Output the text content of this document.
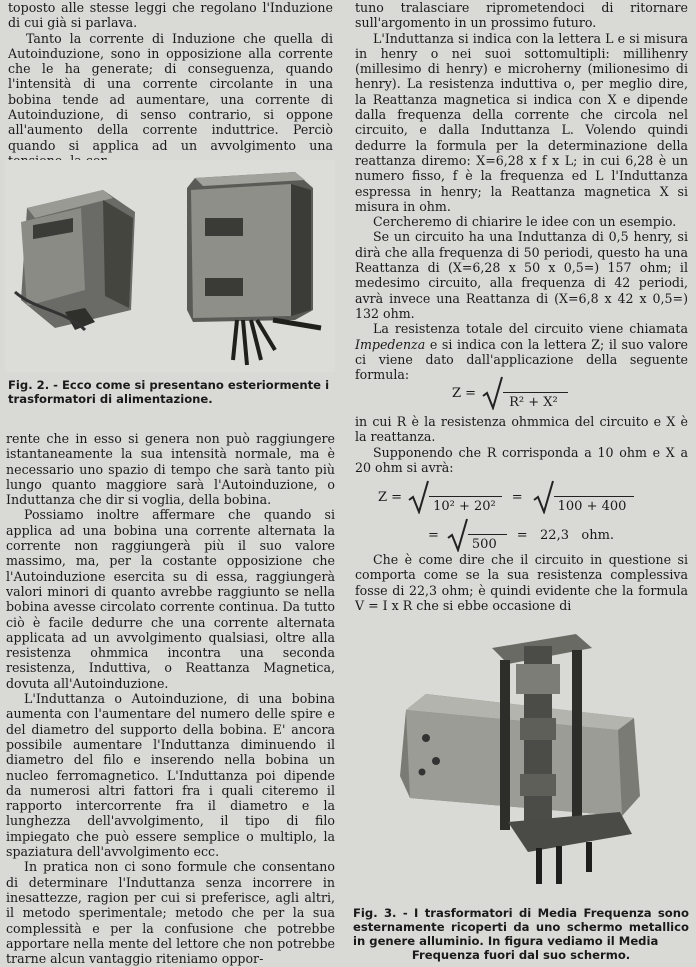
toposto alle stesse leggi che regolano l'Induzione di cui già si parlava.

Tanto la corrente di Induzione che quella di Autoinduzione, sono in opposizione alla corrente che le ha generate; di conseguenza, quando l'intensità di una corrente circolante in una bobina tende ad aumentare, una corrente di Autoinduzione, di senso contrario, si oppone all'aumento della corrente induttrice. Perciò quando si applica ad un avvolgimento una

Fig. 2. - Ecco come si presentano esteriormente i trasformatori di alimentazione.

rente che in esso si genera non può raggiungere istantaneamente la sua intensità normale, ma è necessario uno spazio di tempo che sarà tanto più lungo quanto maggiore sarà l'Autoinduzione, o Induttanza che dir si voglia, della bobina.

Possiamo inoltre affermare che quando si applica ad una bobina una corrente alternata la corrente non raggiungerà più il suo valore massimo, ma, per la costante opposizione che l'Autoinduzione esercita su di essa, raggiungerà valori minori di quanto avrebbe raggiunto se nella bobina avesse circolato corrente continua. Da tutto ciò è facile dedurre che una corrente alternata applicata ad un avvolgimento qualsiasi, oltre alla resistenza ohmmica incontra una seconda resistenza, Induttiva, o Reattanza Magnetica, dovuta all'Autoinduzione.

L'Induttanza o Autoinduzione, di una bobina aumenta con l'aumentare del numero delle spire e del diametro del supporto della bobina. E' ancora possibile aumentare l'Induttanza diminuendo il diametro del filo e inserendo nella bobina un nucleo ferromagnetico. L'Induttanza poi dipende da numerosi altri fattori fra i quali citeremo il rapporto intercorrente fra il diametro e la lunghezza dell'avvolgimento, il tipo di filo impiegato che può essere semplice o multiplo, la spaziatura dell'avvolgimento ecc.

In pratica non ci sono formule che consentano di determinare l'Induttanza senza incorrere in inesattezze, ragion per cui si preferisce, agli altri, il metodo sperimentale; metodo che per la sua complessità e per la confusione che potrebbe apportare nella mente del lettore che non potrebbe trarne alcun vantaggio riteniamo oppor-

tuno tralasciare riprometendoci di ritornare sull'argomento in un prossimo futuro.

L'Induttanza si indica con la lettera L e si misura in henry o nei suoi sottomultipli: millihenry (millesimo di henry) e microherny (milionesimo di henry). La resistenza induttiva o, per meglio dire, la Reattanza magnetica si indica con X e dipende dalla frequenza della corrente che circola nel circuito, e dalla Induttanza L. Volendo quindi dedurre la formula per la determinazione della reattanza diremo: X=6,28 x f x L; in cui 6,28 è un numero fisso, f è la frequenza ed L l'Induttanza espressa in henry; la Reattanza magnetica X si misura in ohm.

Cercheremo di chiarire le idee con un esempio.

Se un circuito ha una Induttanza di 0,5 henry, si dirà che alla frequenza di 50 periodi, questo ha una Reattanza di (X=6,28 x 50 x 0,5=) 157 ohm; il medesimo circuito, alla frequenza di 42 periodi, avrà invece una Reattanza di (X=6,8 x 42 x 0,5=) 132 ohm.

La resistenza totale del circuito viene chiamata Impedenza e si indica con la lettera Z; il suo valore ci viene dato dall'applicazione della seguente formula:

Z =
R² + X²

in cui R è la resistenza ohmmica del circuito e X è la reattanza.

Supponendo che R corrisponda a 10 ohm e X a 20 ohm si avrà:

Z =
10² + 20²
=
100 + 400
=
500
=   22,3   ohm.

Che è come dire che il circuito in questione si comporta come se la sua resistenza complessiva fosse di 22,3 ohm; è quindi evidente che la formula V = I x R che si ebbe occasione di

Fig. 3. - I trasformatori di Media Frequenza sono esternamente ricoperti da uno schermo metallico in genere alluminio. In figura vediamo il Media
Frequenza fuori dal suo schermo.
